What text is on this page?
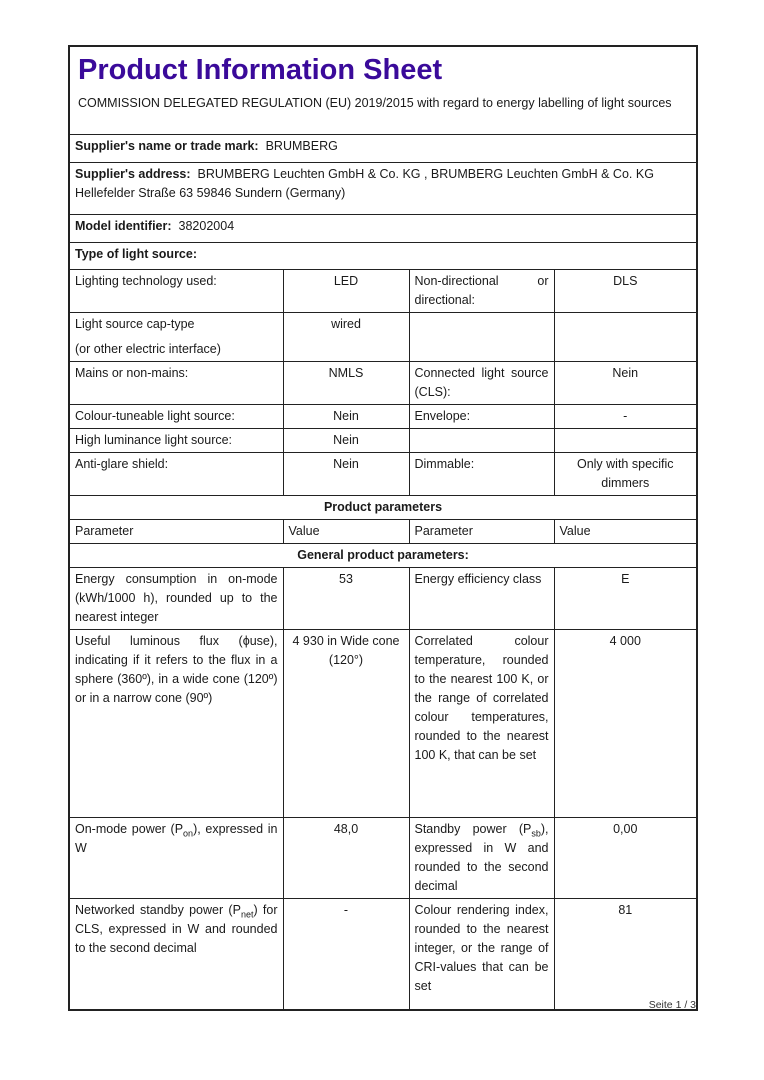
Product Information Sheet
COMMISSION DELEGATED REGULATION (EU) 2019/2015 with regard to energy labelling of light sources			

Supplier's name or trade mark: BRUMBERG			
Supplier's address: BRUMBERG Leuchten GmbH & Co. KG , BRUMBERG Leuchten GmbH & Co. KG Hellefelder Straße 63 59846 Sundern (Germany)			
Model identifier: 38202004			
Type of light source:			
Lighting technology used:	LED	Non-directional or directional:	DLS

Light source cap-type
(or other electric interface)	wired		
Mains or non-mains:	NMLS	Connected light source (CLS):	Nein
Colour-tuneable light source:	Nein	Envelope:	-
High luminance light source:	Nein		
Anti-glare shield:	Nein	Dimmable:	Only with specific dimmers
Product parameters			
Parameter	Value	Parameter	Value
General product parameters:			
Energy consumption in on-mode (kWh/1000 h), rounded up to the nearest integer	53	Energy efficiency class	E
Useful luminous flux (ϕuse), indicating if it refers to the flux in a sphere (360º), in a wide cone (120º) or in a narrow cone (90º)	4 930 in Wide cone (120°)	Correlated colour temperature, rounded to the nearest 100 K, or the range of correlated colour temperatures, rounded to the nearest 100 K, that can be set	4 000
On-mode power $(P_{on})$, expressed in W	48,0	Standby power $(P_{sb})$, expressed in W and rounded to the second decimal	0,00
Networked standby power $(P_{net})$ for CLS, expressed in W and rounded to the second decimal	-	Colour rendering index, rounded to the nearest integer, or the range of CRI-values that can be set	81
Seite 1 / 3
